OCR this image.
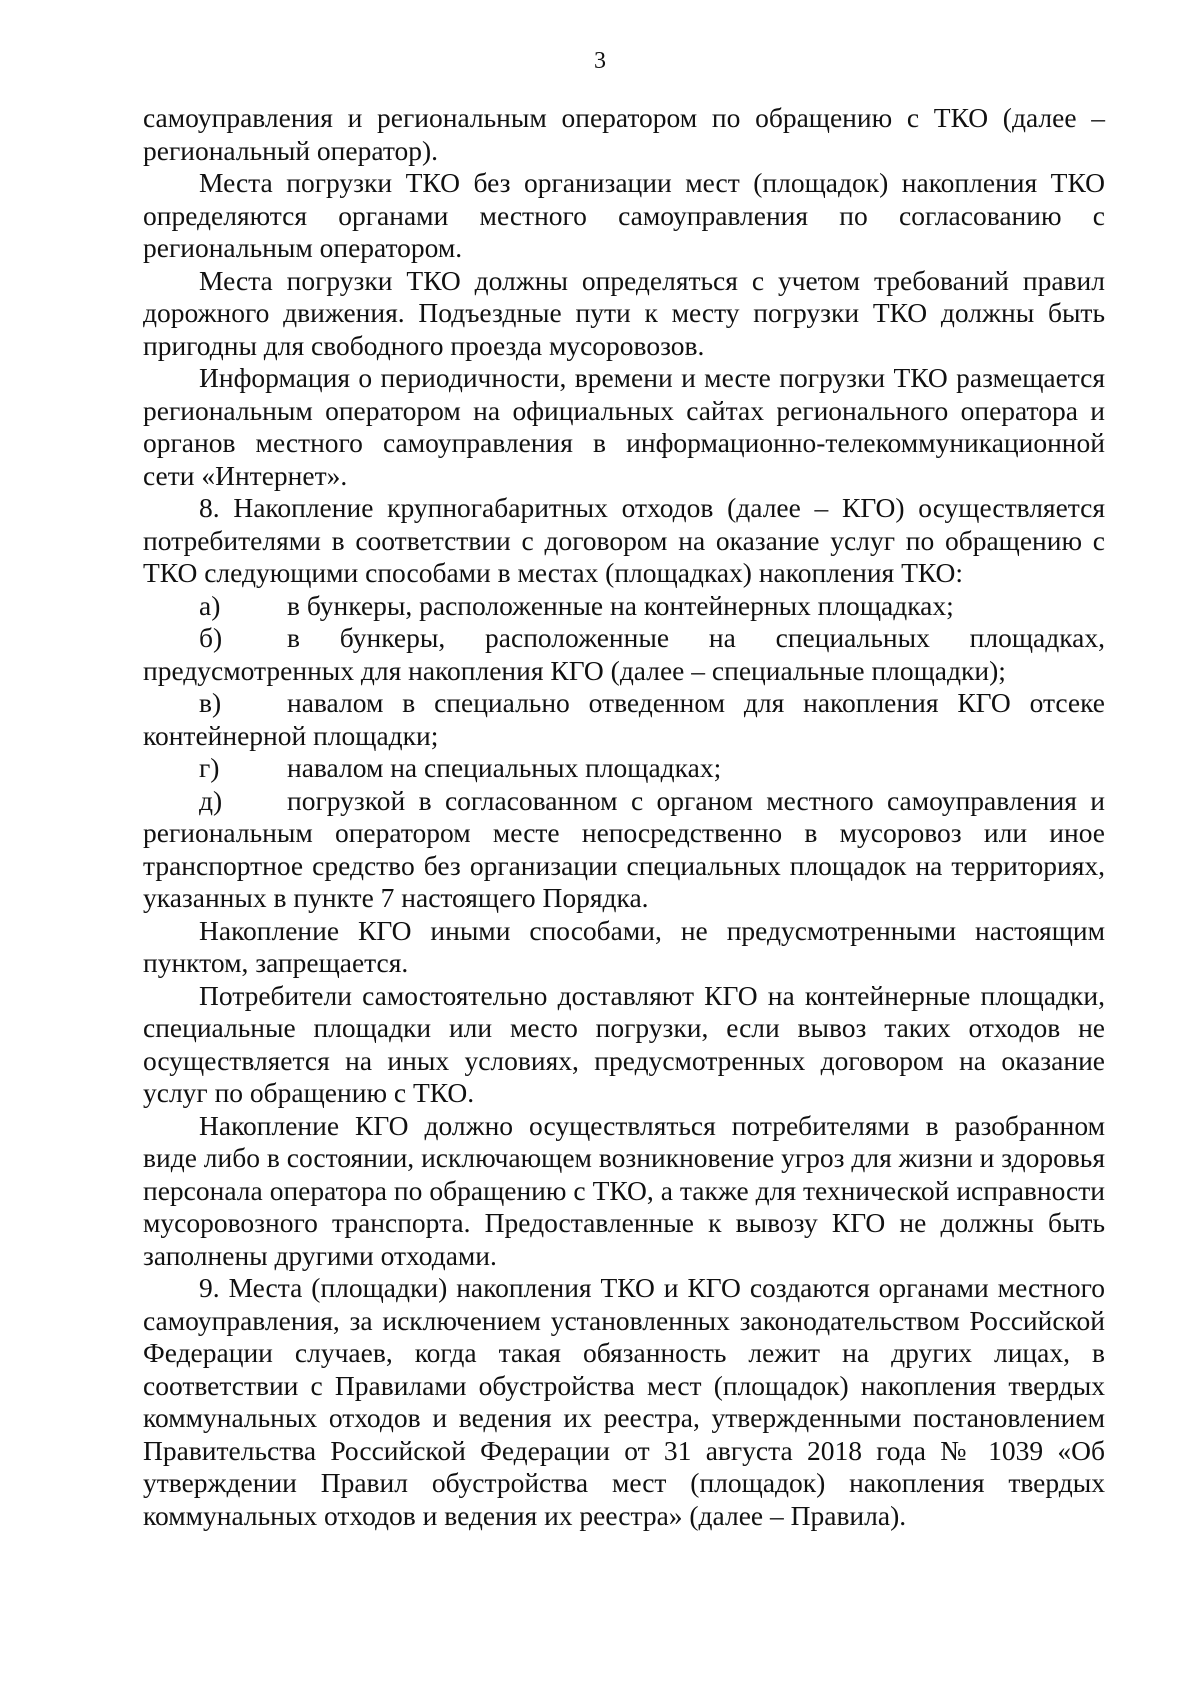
3

самоуправления и региональным оператором по обращению с ТКО (далее – региональный оператор).

Места погрузки ТКО без организации мест (площадок) накопления ТКО определяются органами местного самоуправления по согласованию с региональным оператором.

Места погрузки ТКО должны определяться с учетом требований правил дорожного движения. Подъездные пути к месту погрузки ТКО должны быть пригодны для свободного проезда мусоровозов.

Информация о периодичности, времени и месте погрузки ТКО размещается региональным оператором на официальных сайтах регионального оператора и органов местного самоуправления в информационно-телекоммуникационной сети «Интернет».

8. Накопление крупногабаритных отходов (далее – КГО) осуществляется потребителями в соответствии с договором на оказание услуг по обращению с ТКО следующими способами в местах (площадках) накопления ТКО:

а) в бункеры, расположенные на контейнерных площадках;

б) в бункеры, расположенные на специальных площадках, предусмотренных для накопления КГО (далее – специальные площадки);

в) навалом в специально отведенном для накопления КГО отсеке контейнерной площадки;

г) навалом на специальных площадках;

д) погрузкой в согласованном с органом местного самоуправления и региональным оператором месте непосредственно в мусоровоз или иное транспортное средство без организации специальных площадок на территориях, указанных в пункте 7 настоящего Порядка.

Накопление КГО иными способами, не предусмотренными настоящим пунктом, запрещается.

Потребители самостоятельно доставляют КГО на контейнерные площадки, специальные площадки или место погрузки, если вывоз таких отходов не осуществляется на иных условиях, предусмотренных договором на оказание услуг по обращению с ТКО.

Накопление КГО должно осуществляться потребителями в разобранном виде либо в состоянии, исключающем возникновение угроз для жизни и здоровья персонала оператора по обращению с ТКО, а также для технической исправности мусоровозного транспорта. Предоставленные к вывозу КГО не должны быть заполнены другими отходами.

9. Места (площадки) накопления ТКО и КГО создаются органами местного самоуправления, за исключением установленных законодательством Российской Федерации случаев, когда такая обязанность лежит на других лицах, в соответствии с Правилами обустройства мест (площадок) накопления твердых коммунальных отходов и ведения их реестра, утвержденными постановлением Правительства Российской Федерации от 31 августа 2018 года № 1039 «Об утверждении Правил обустройства мест (площадок) накопления твердых коммунальных отходов и ведения их реестра» (далее – Правила).
